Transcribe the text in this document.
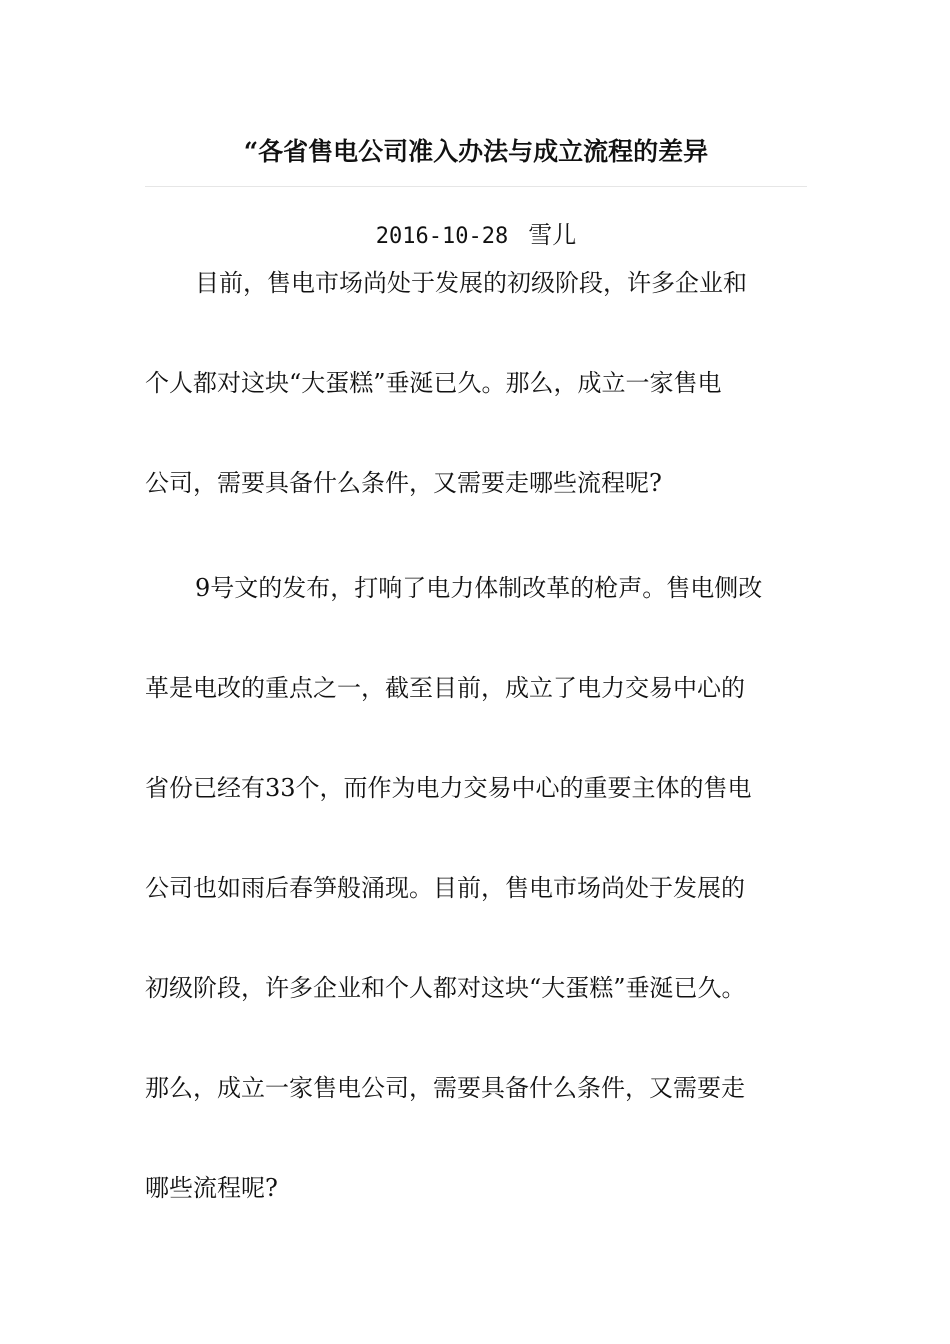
“各省售电公司准入办法与成立流程的差异
2016-10-28 雪儿
目前，售电市场尚处于发展的初级阶段，许多企业和
个人都对这块“大蛋糕”垂涎已久。那么，成立一家售电
公司，需要具备什么条件，又需要走哪些流程呢?
9号文的发布，打响了电力体制改革的枪声。售电侧改
革是电改的重点之一，截至目前，成立了电力交易中心的
省份已经有33个，而作为电力交易中心的重要主体的售电
公司也如雨后春笋般涌现。目前，售电市场尚处于发展的
初级阶段，许多企业和个人都对这块“大蛋糕”垂涎已久。
那么，成立一家售电公司，需要具备什么条件，又需要走
哪些流程呢?
